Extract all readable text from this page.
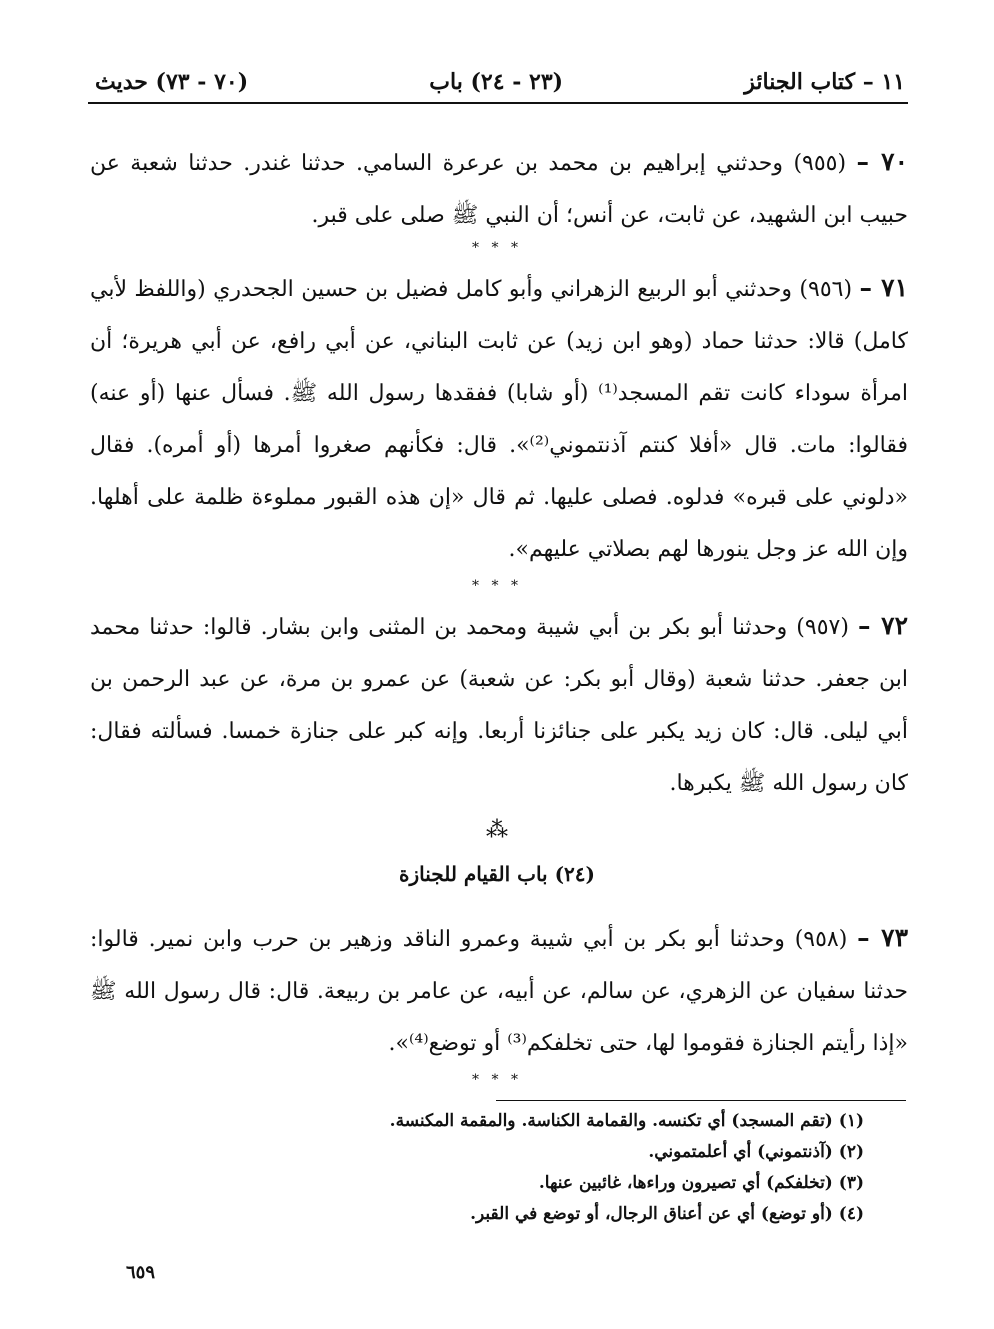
١١ – كتاب الجنائز
(٢٣ - ٢٤) باب
(٧٠ - ٧٣) حديث
٧٠ – (٩٥٥) وحدثني إبراهيم بن محمد بن عرعرة السامي. حدثنا غندر. حدثنا شعبة عن حبيب ابن الشهيد، عن ثابت، عن أنس؛ أن النبي ﷺ صلى على قبر.
* * *
٧١ – (٩٥٦) وحدثني أبو الربيع الزهراني وأبو كامل فضيل بن حسين الجحدري (واللفظ لأبي كامل) قالا: حدثنا حماد (وهو ابن زيد) عن ثابت البناني، عن أبي رافع، عن أبي هريرة؛ أن امرأة سوداء كانت تقم المسجد⁽¹⁾ (أو شابا) ففقدها رسول الله ﷺ. فسأل عنها (أو عنه) فقالوا: مات. قال «أفلا كنتم آذنتموني⁽²⁾». قال: فكأنهم صغروا أمرها (أو أمره). فقال «دلوني على قبره» فدلوه. فصلى عليها. ثم قال «إن هذه القبور مملوءة ظلمة على أهلها. وإن الله عز وجل ينورها لهم بصلاتي عليهم».
* * *
٧٢ – (٩٥٧) وحدثنا أبو بكر بن أبي شيبة ومحمد بن المثنى وابن بشار. قالوا: حدثنا محمد ابن جعفر. حدثنا شعبة (وقال أبو بكر: عن شعبة) عن عمرو بن مرة، عن عبد الرحمن بن أبي ليلى. قال: كان زيد يكبر على جنائزنا أربعا. وإنه كبر على جنازة خمسا. فسألته فقال: كان رسول الله ﷺ يكبرها.
⁂
(٢٤) باب القيام للجنازة
٧٣ – (٩٥٨) وحدثنا أبو بكر بن أبي شيبة وعمرو الناقد وزهير بن حرب وابن نمير. قالوا: حدثنا سفيان عن الزهري، عن سالم، عن أبيه، عن عامر بن ربيعة. قال: قال رسول الله ﷺ «إذا رأيتم الجنازة فقوموا لها، حتى تخلفكم⁽³⁾ أو توضع⁽⁴⁾».
* * *
(١) (تقم المسجد) أي تكنسه. والقمامة الكناسة. والمقمة المكنسة.
(٢) (آذنتموني) أي أعلمتموني.
(٣) (تخلفكم) أي تصيرون وراءها، غائبين عنها.
(٤) (أو توضع) أي عن أعناق الرجال، أو توضع في القبر.
٦٥٩
